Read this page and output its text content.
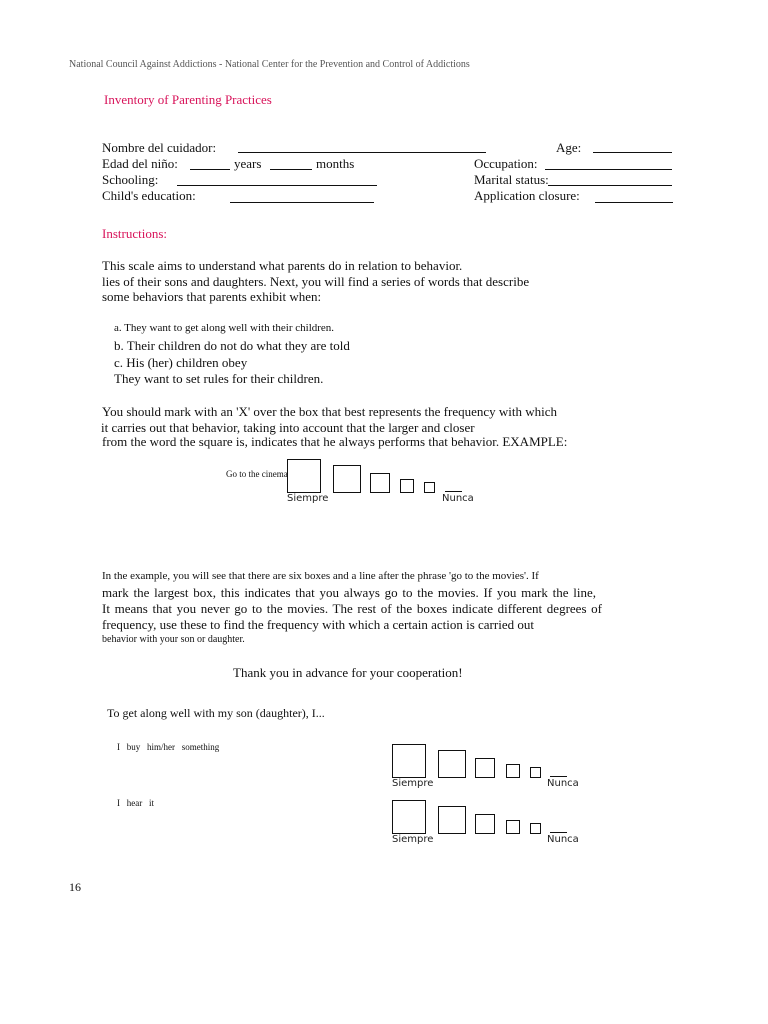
National Council Against Addictions - National Center for the Prevention and Control of Addictions
Inventory of Parenting Practices
Nombre del cuidador:	Age:
Edad del niño:	years	months	Occupation:
Schooling:	Marital status:
Child's education:	Application closure:
Instructions:
This scale aims to understand what parents do in relation to behavior.
lies of their sons and daughters. Next, you will find a series of words that describe
some behaviors that parents exhibit when:
a. They want to get along well with their children.
b. Their children do not do what they are told
c. His (her) children obey
They want to set rules for their children.
You should mark with an 'X' over the box that best represents the frequency with which
it carries out that behavior, taking into account that the larger and closer
from the word the square is, indicates that he always performs that behavior. EXAMPLE:
Go to the cinema
Siempre	Nunca
In the example, you will see that there are six boxes and a line after the phrase 'go to the movies'. If
mark the largest box, this indicates that you always go to the movies. If you mark the line,
It means that you never go to the movies. The rest of the boxes indicate different degrees of
frequency, use these to find the frequency with which a certain action is carried out
behavior with your son or daughter.
Thank you in advance for your cooperation!
To get along well with my son (daughter), I...
I   buy   him/her   something
Siempre	Nunca
I   hear   it
Siempre	Nunca
16
